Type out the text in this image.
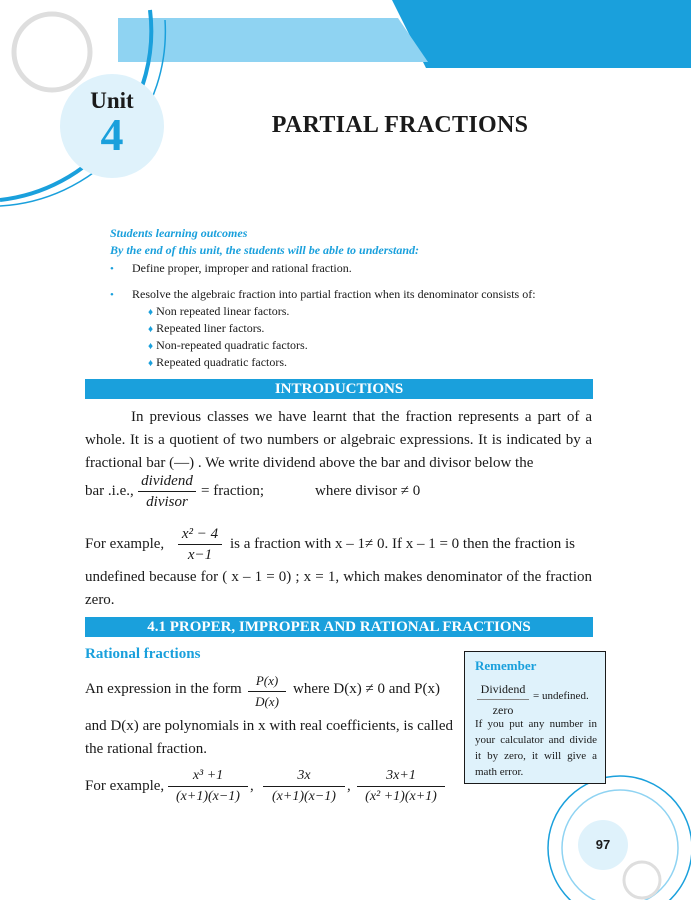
Unit
4	PARTIAL FRACTIONS
Students learning outcomes
By the end of this unit, the students will be able to understand:
• Define proper, improper and rational fraction.
• Resolve the algebraic fraction into partial fraction when its denominator consists of:
♦ Non repeated linear factors.
♦ Repeated liner factors.
♦ Non-repeated quadratic factors.
♦ Repeated quadratic factors.
INTRODUCTIONS
In previous classes we have learnt that the fraction represents a part of a whole. It is a quotient of two numbers or algebraic expressions. It is indicated by a fractional bar (—) . We write dividend above the bar and divisor below the
bar .i.e.,
dividend
divisor
= fraction;	where divisor ≠ 0
For example,
x² − 4
x−1
is a fraction with x – 1≠ 0. If x – 1 = 0 then the fraction is
undefined because for ( x – 1 = 0) ; x = 1, which makes denominator of the fraction zero.
4.1 PROPER, IMPROPER AND RATIONAL FRACTIONS
Rational fractions
An expression in the form
P(x)
D(x)
where D(x) ≠ 0 and P(x)
and D(x) are polynomials in x with real coefficients, is called the rational fraction.
For example,
x³ +1
(x+1)(x−1)
,
3x
(x+1)(x−1)
,
3x+1
(x² +1)(x+1)
Remember
Dividend
zero
= undefined.
If you put any number in your calculator and divide it by zero, it will give a math error.
97
